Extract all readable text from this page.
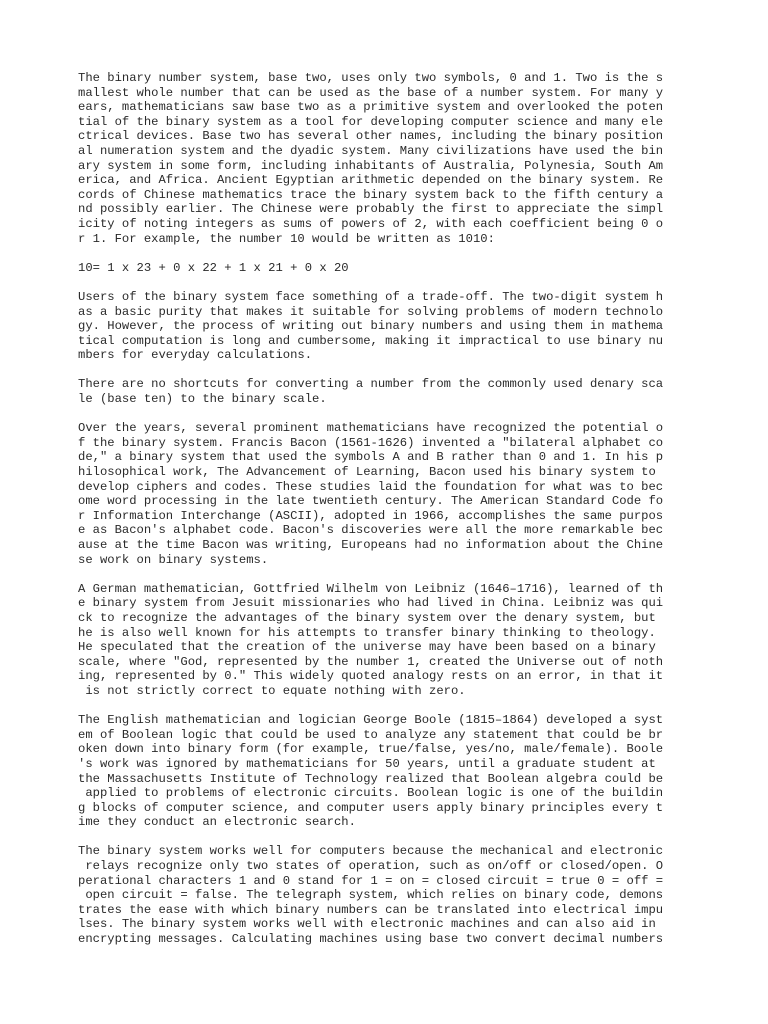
The binary number system, base two, uses only two symbols, 0 and 1. Two is the s
mallest whole number that can be used as the base of a number system. For many y
ears, mathematicians saw base two as a primitive system and overlooked the poten
tial of the binary system as a tool for developing computer science and many ele
ctrical devices. Base two has several other names, including the binary position
al numeration system and the dyadic system. Many civilizations have used the bin
ary system in some form, including inhabitants of Australia, Polynesia, South Am
erica, and Africa. Ancient Egyptian arithmetic depended on the binary system. Re
cords of Chinese mathematics trace the binary system back to the fifth century a
nd possibly earlier. The Chinese were probably the first to appreciate the simpl
icity of noting integers as sums of powers of 2, with each coefficient being 0 o
r 1. For example, the number 10 would be written as 1010:
10= 1 x 23 + 0 x 22 + 1 x 21 + 0 x 20
Users of the binary system face something of a trade-off. The two-digit system h
as a basic purity that makes it suitable for solving problems of modern technolo
gy. However, the process of writing out binary numbers and using them in mathema
tical computation is long and cumbersome, making it impractical to use binary nu
mbers for everyday calculations.
There are no shortcuts for converting a number from the commonly used denary sca
le (base ten) to the binary scale.
Over the years, several prominent mathematicians have recognized the potential o
f the binary system. Francis Bacon (1561-1626) invented a "bilateral alphabet co
de," a binary system that used the symbols A and B rather than 0 and 1. In his p
hilosophical work, The Advancement of Learning, Bacon used his binary system to
develop ciphers and codes. These studies laid the foundation for what was to bec
ome word processing in the late twentieth century. The American Standard Code fo
r Information Interchange (ASCII), adopted in 1966, accomplishes the same purpos
e as Bacon's alphabet code. Bacon's discoveries were all the more remarkable bec
ause at the time Bacon was writing, Europeans had no information about the Chine
se work on binary systems.
A German mathematician, Gottfried Wilhelm von Leibniz (1646–1716), learned of th
e binary system from Jesuit missionaries who had lived in China. Leibniz was qui
ck to recognize the advantages of the binary system over the denary system, but
he is also well known for his attempts to transfer binary thinking to theology.
He speculated that the creation of the universe may have been based on a binary
scale, where "God, represented by the number 1, created the Universe out of noth
ing, represented by 0." This widely quoted analogy rests on an error, in that it
is not strictly correct to equate nothing with zero.
The English mathematician and logician George Boole (1815–1864) developed a syst
em of Boolean logic that could be used to analyze any statement that could be br
oken down into binary form (for example, true/false, yes/no, male/female). Boole
's work was ignored by mathematicians for 50 years, until a graduate student at
the Massachusetts Institute of Technology realized that Boolean algebra could be
applied to problems of electronic circuits. Boolean logic is one of the buildin
g blocks of computer science, and computer users apply binary principles every t
ime they conduct an electronic search.
The binary system works well for computers because the mechanical and electronic
relays recognize only two states of operation, such as on/off or closed/open. O
perational characters 1 and 0 stand for 1 = on = closed circuit = true 0 = off =
open circuit = false. The telegraph system, which relies on binary code, demons
trates the ease with which binary numbers can be translated into electrical impu
lses. The binary system works well with electronic machines and can also aid in
encrypting messages. Calculating machines using base two convert decimal numbers
